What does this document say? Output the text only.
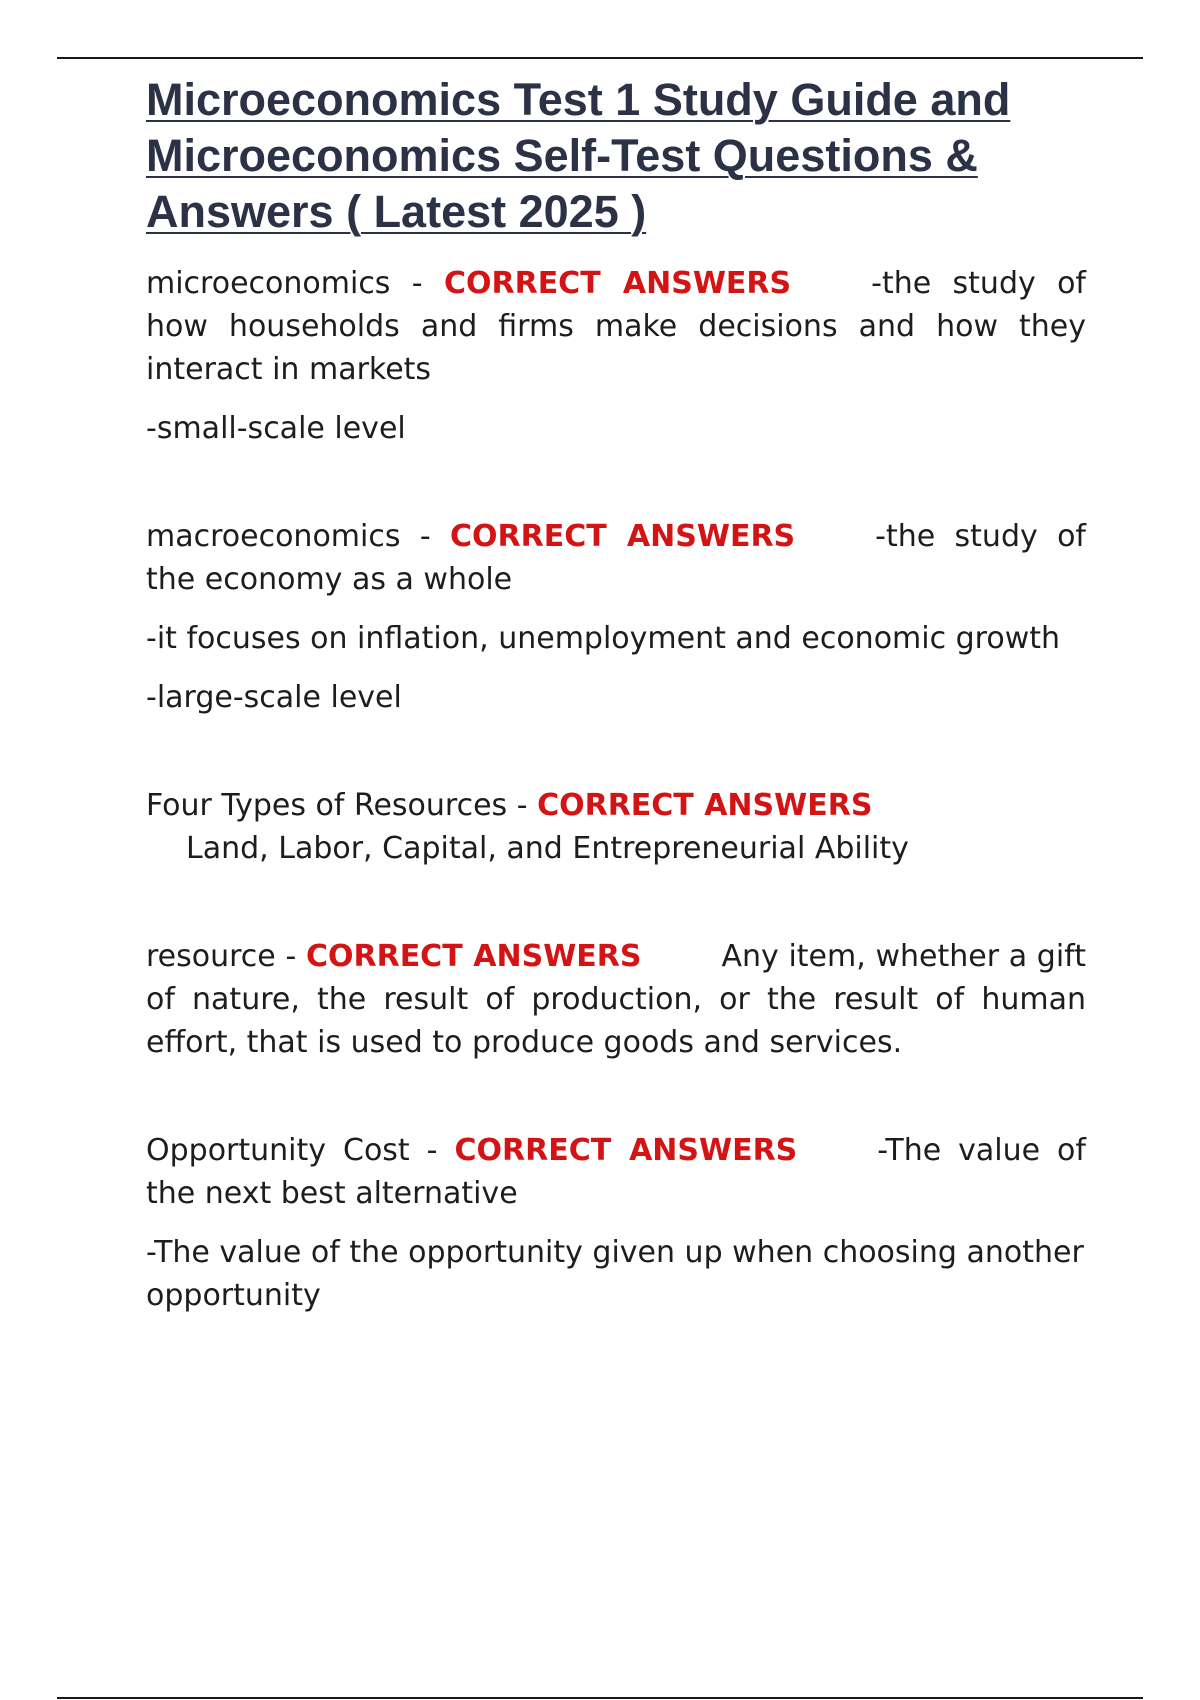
Microeconomics Test 1 Study Guide and Microeconomics Self-Test Questions & Answers ( Latest 2025 )

microeconomics - CORRECT ANSWERS	-the study of how households and firms make decisions and how they interact in markets

-small-scale level

macroeconomics - CORRECT ANSWERS	-the study of the economy as a whole

-it focuses on inflation, unemployment and economic growth

-large-scale level

Four Types of Resources - CORRECT ANSWERS
Land, Labor, Capital, and Entrepreneurial Ability

resource - CORRECT ANSWERS	Any item, whether a gift of nature, the result of production, or the result of human effort, that is used to produce goods and services.

Opportunity Cost - CORRECT ANSWERS	-The value of the next best alternative

-The value of the opportunity given up when choosing another opportunity
